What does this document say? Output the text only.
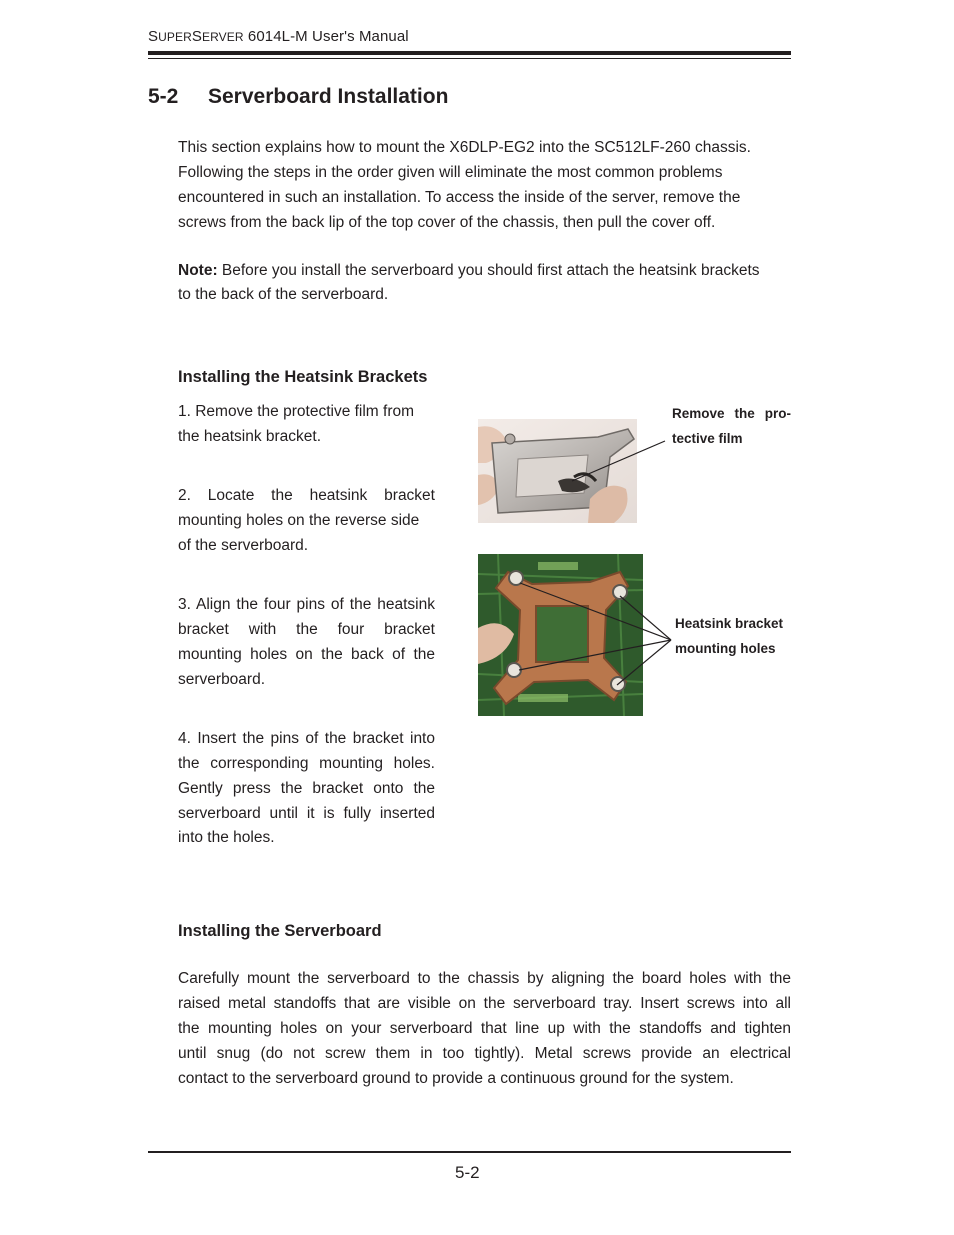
SUPERSERVER 6014L-M User's Manual
5-2 Serverboard Installation
This section explains how to mount the X6DLP-EG2 into the SC512LF-260 chassis.
Following the steps in the order given will eliminate the most common problems
encountered in such an installation. To access the inside of the server, remove the
screws from the back lip of the top cover of the chassis, then pull the cover off.
Note: Before you install the serverboard you should first attach the heatsink brackets
to the back of the serverboard.
Installing the Heatsink Brackets
1. Remove the protective film from
the heatsink bracket.
2. Locate the heatsink bracket
mounting holes on the reverse side
of the serverboard.
3. Align the four pins of the heatsink
bracket with the four bracket
mounting holes on the back of the
serverboard.
4. Insert the pins of the bracket into
the corresponding mounting holes.
Gently press the bracket onto the
serverboard until it is fully inserted
into the holes.
Remove the pro-
tective film
Heatsink bracket
mounting holes
Installing the Serverboard
Carefully mount the serverboard to the chassis by aligning the board holes with the
raised metal standoffs that are visible on the serverboard tray. Insert screws into all
the mounting holes on your serverboard that line up with the standoffs and tighten
until snug (do not screw them in too tightly). Metal screws provide an electrical
contact to the serverboard ground to provide a continuous ground for the system.
5-2
